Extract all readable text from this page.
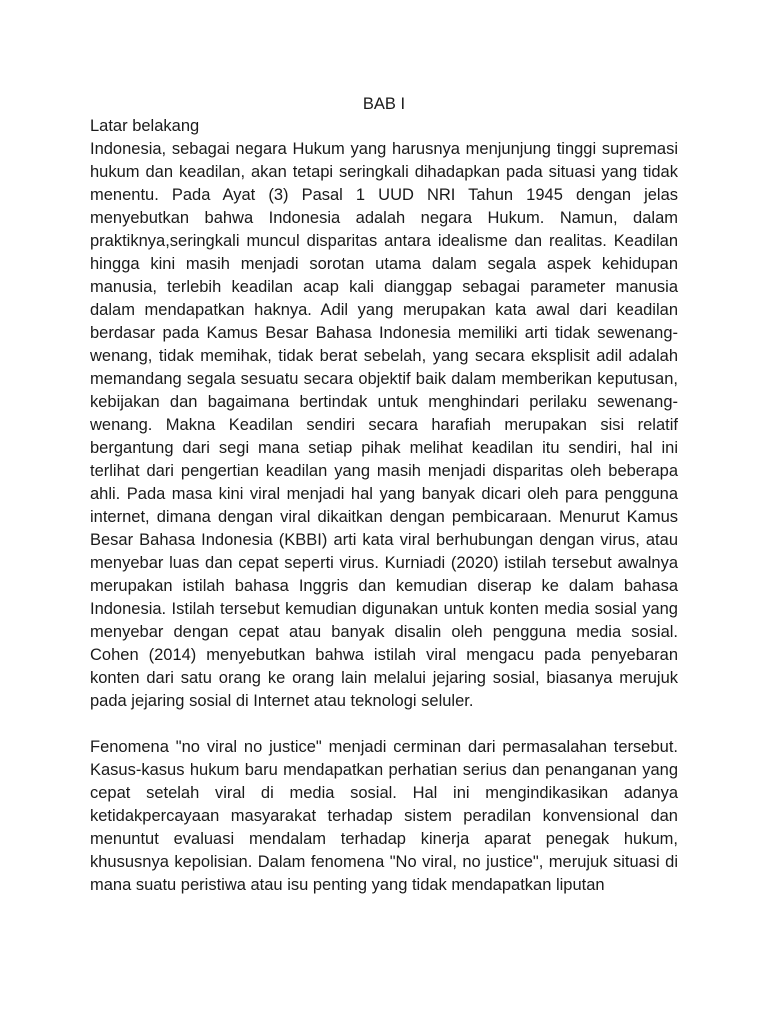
BAB I
Latar belakang

Indonesia, sebagai negara Hukum yang harusnya menjunjung tinggi supremasi hukum dan keadilan, akan tetapi seringkali dihadapkan pada situasi yang tidak menentu. Pada Ayat (3) Pasal 1 UUD NRI Tahun 1945 dengan jelas menyebutkan bahwa Indonesia adalah negara Hukum. Namun, dalam praktiknya,seringkali muncul disparitas antara idealisme dan realitas. Keadilan hingga kini masih menjadi sorotan utama dalam segala aspek kehidupan manusia, terlebih keadilan acap kali dianggap sebagai parameter manusia dalam mendapatkan haknya. Adil yang merupakan kata awal dari keadilan berdasar pada Kamus Besar Bahasa Indonesia memiliki arti tidak sewenang-wenang, tidak memihak, tidak berat sebelah, yang secara eksplisit adil adalah memandang segala sesuatu secara objektif baik dalam memberikan keputusan, kebijakan dan bagaimana bertindak untuk menghindari perilaku sewenang-wenang. Makna Keadilan sendiri secara harafiah merupakan sisi relatif bergantung dari segi mana setiap pihak melihat keadilan itu sendiri, hal ini terlihat dari pengertian keadilan yang masih menjadi disparitas oleh beberapa ahli. Pada masa kini viral menjadi hal yang banyak dicari oleh para pengguna internet, dimana dengan viral dikaitkan dengan pembicaraan. Menurut Kamus Besar Bahasa Indonesia (KBBI) arti kata viral berhubungan dengan virus, atau menyebar luas dan cepat seperti virus. Kurniadi (2020) istilah tersebut awalnya merupakan istilah bahasa Inggris dan kemudian diserap ke dalam bahasa Indonesia. Istilah tersebut kemudian digunakan untuk konten media sosial yang menyebar dengan cepat atau banyak disalin oleh pengguna media sosial. Cohen (2014) menyebutkan bahwa istilah viral mengacu pada penyebaran konten dari satu orang ke orang lain melalui jejaring sosial, biasanya merujuk pada jejaring sosial di Internet atau teknologi seluler.

Fenomena "no viral no justice" menjadi cerminan dari permasalahan tersebut. Kasus-kasus hukum baru mendapatkan perhatian serius dan penanganan yang cepat setelah viral di media sosial. Hal ini mengindikasikan adanya ketidakpercayaan masyarakat terhadap sistem peradilan konvensional dan menuntut evaluasi mendalam terhadap kinerja aparat penegak hukum, khususnya kepolisian. Dalam fenomena "No viral, no justice", merujuk situasi di mana suatu peristiwa atau isu penting yang tidak mendapatkan liputan
